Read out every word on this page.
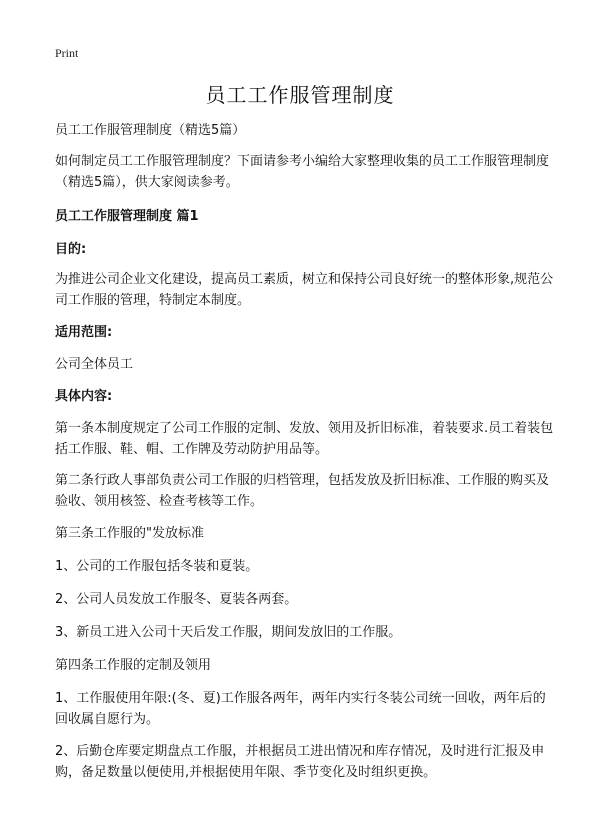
Print
员工工作服管理制度

员工工作服管理制度（精选5篇）

如何制定员工工作服管理制度？下面请参考小编给大家整理收集的员工工作服管理制度（精选5篇），供大家阅读参考。

员工工作服管理制度 篇1

目的:

为推进公司企业文化建设，提高员工素质，树立和保持公司良好统一的整体形象,规范公司工作服的管理，特制定本制度。

适用范围:

公司全体员工

具体内容:

第一条本制度规定了公司工作服的定制、发放、领用及折旧标准，着装要求.员工着装包括工作服、鞋、帽、工作牌及劳动防护用品等。

第二条行政人事部负责公司工作服的归档管理，包括发放及折旧标准、工作服的购买及验收、领用核签、检查考核等工作。

第三条工作服的"发放标准

1、公司的工作服包括冬装和夏装。

2、公司人员发放工作服冬、夏装各两套。

3、新员工进入公司十天后发工作服，期间发放旧的工作服。

第四条工作服的定制及领用

1、工作服使用年限:(冬、夏)工作服各两年，两年内实行冬装公司统一回收，两年后的回收属自愿行为。

2、后勤仓库要定期盘点工作服，并根据员工进出情况和库存情况，及时进行汇报及申购，备足数量以便使用,并根据使用年限、季节变化及时组织更换。
